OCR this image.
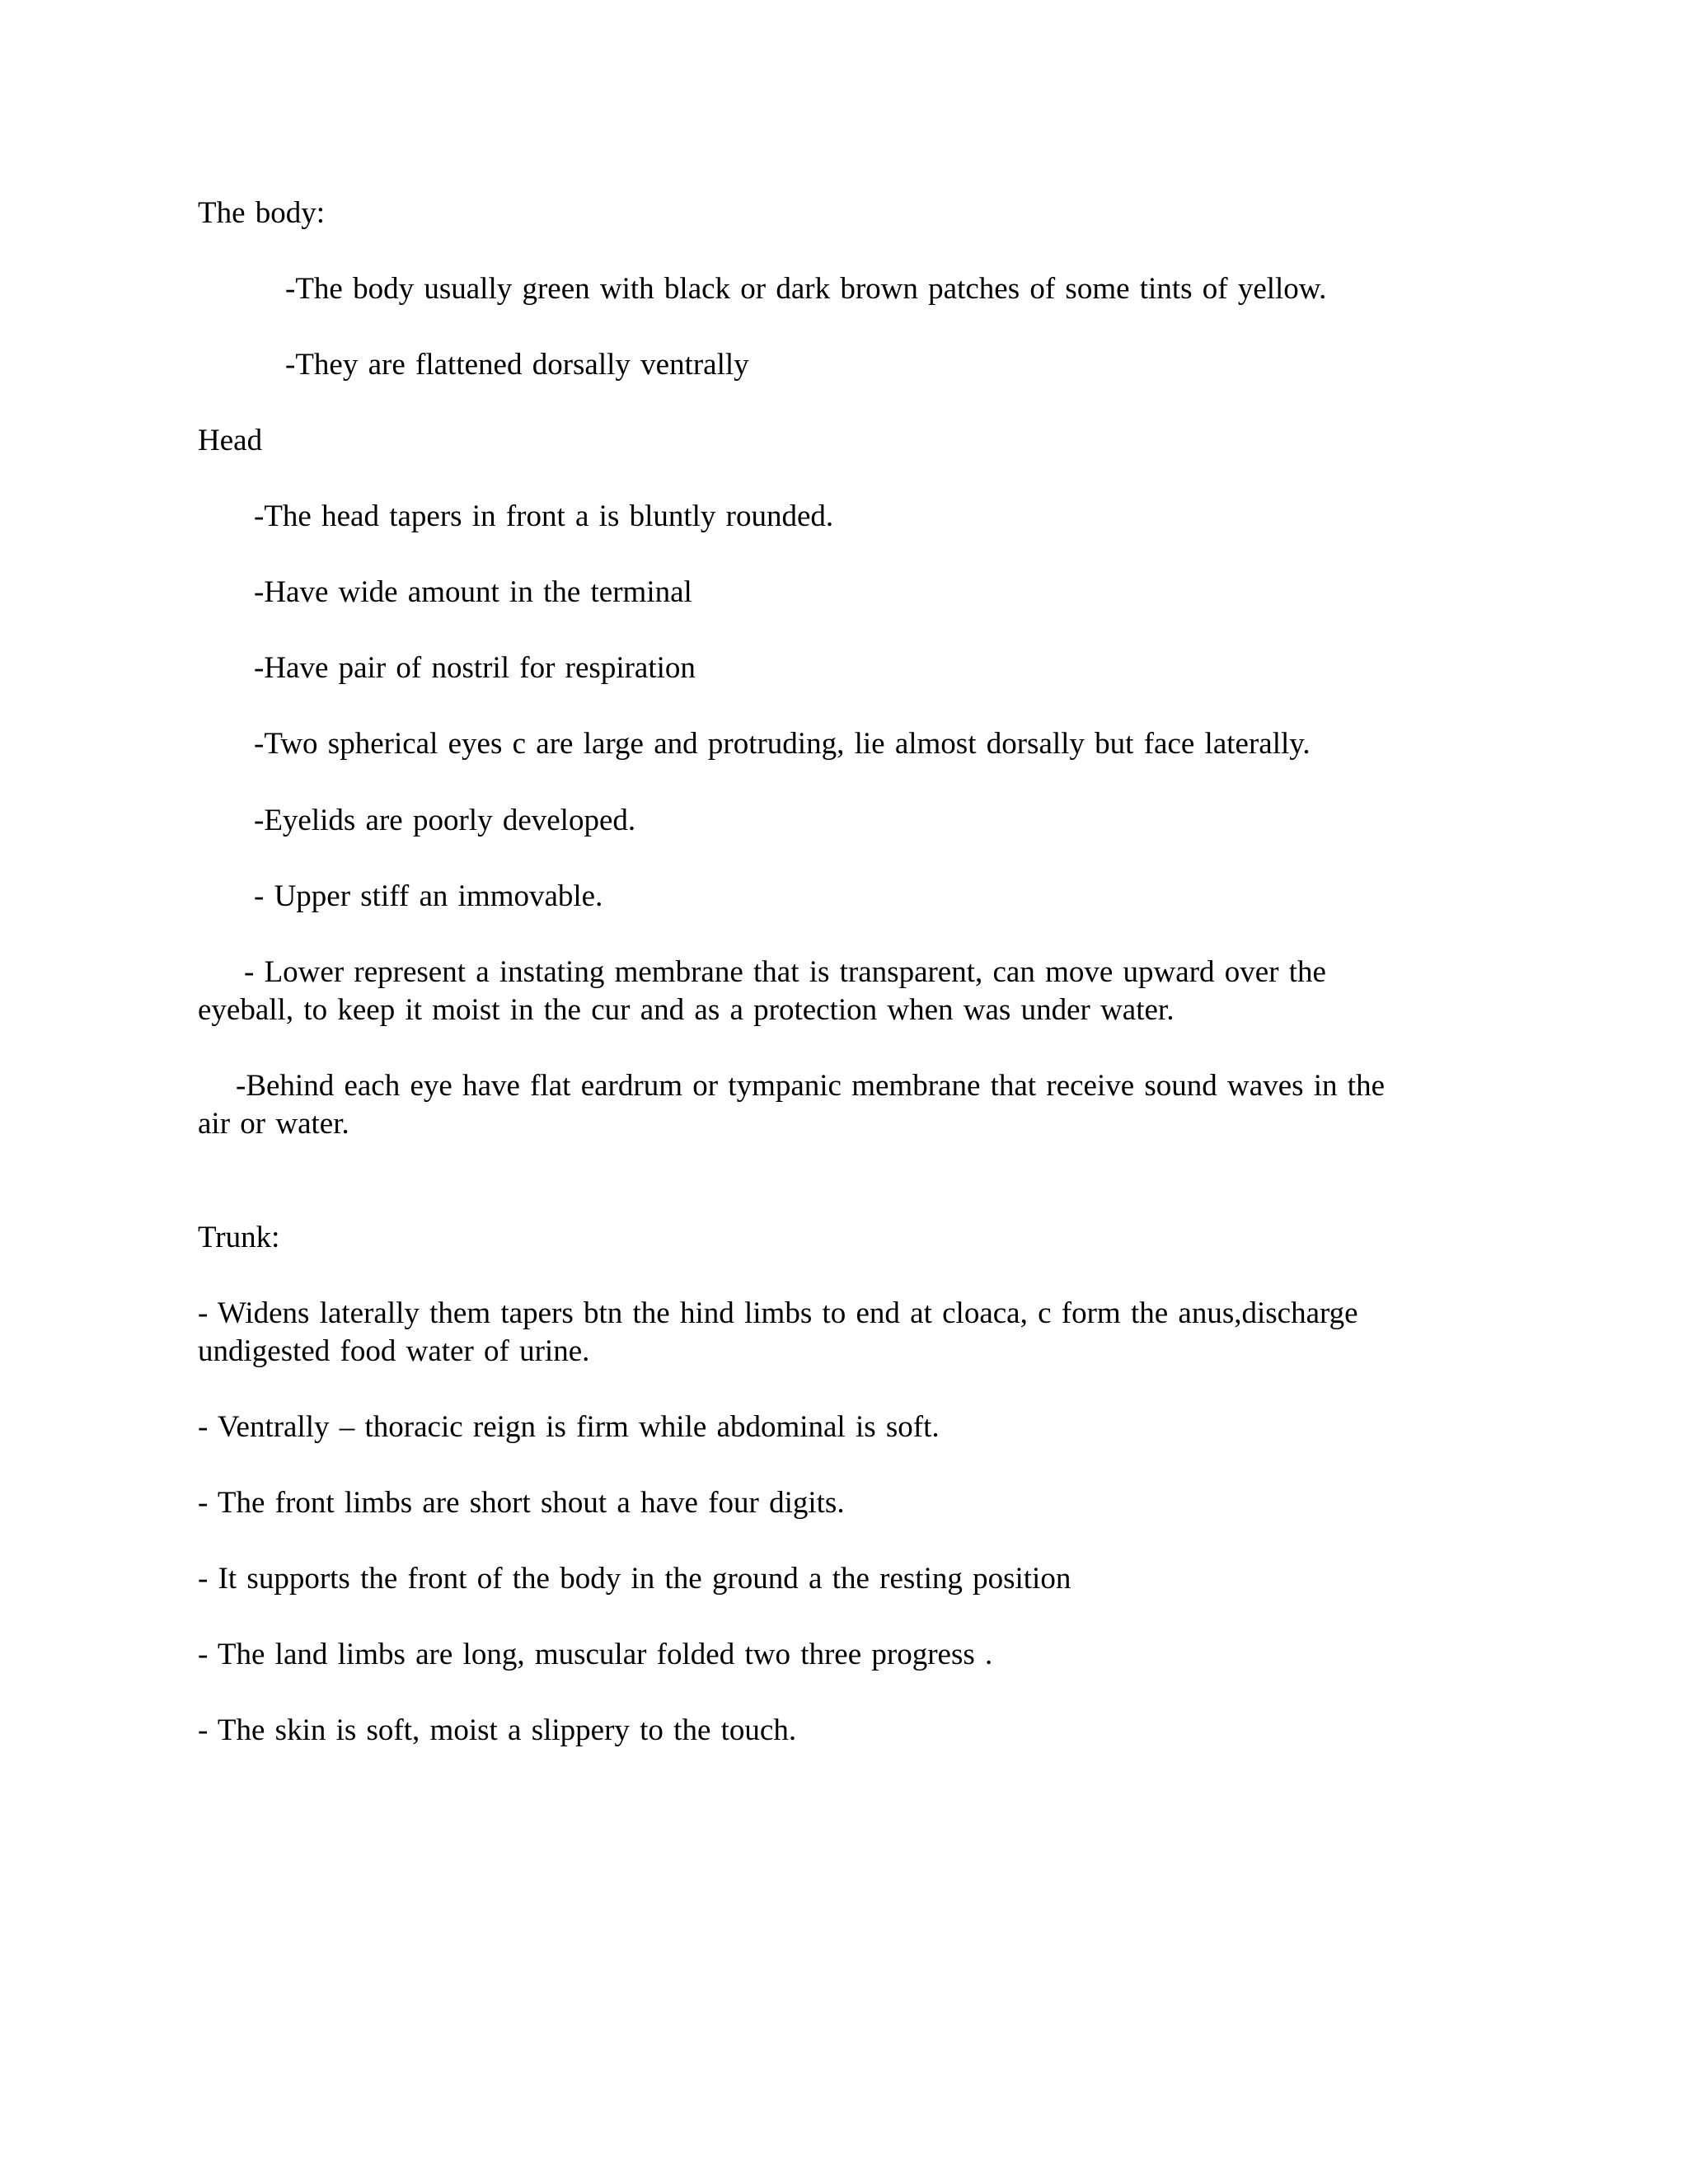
The body:
-The body usually green with black or dark brown patches of some tints of yellow.
-They are flattened dorsally ventrally
Head
-The head tapers in front a is bluntly rounded.
-Have wide amount in the terminal
-Have pair of nostril for respiration
-Two spherical eyes c are large and protruding, lie almost dorsally but face laterally.
-Eyelids are poorly developed.
- Upper stiff an immovable.
- Lower represent a instating membrane that is transparent, can move upward over the
eyeball, to keep it moist in the cur and as a protection when was under water.
-Behind each eye have flat eardrum or tympanic membrane that receive sound waves in the
air or water.
Trunk:
- Widens laterally them tapers btn the hind limbs to end at cloaca, c form the anus,discharge
undigested food water of urine.
- Ventrally – thoracic reign is firm while abdominal is soft.
- The front limbs are short shout a have four digits.
- It supports the front of the body in the ground a the resting position
- The land limbs are long, muscular folded two three progress .
- The skin is soft, moist a slippery to the touch.
